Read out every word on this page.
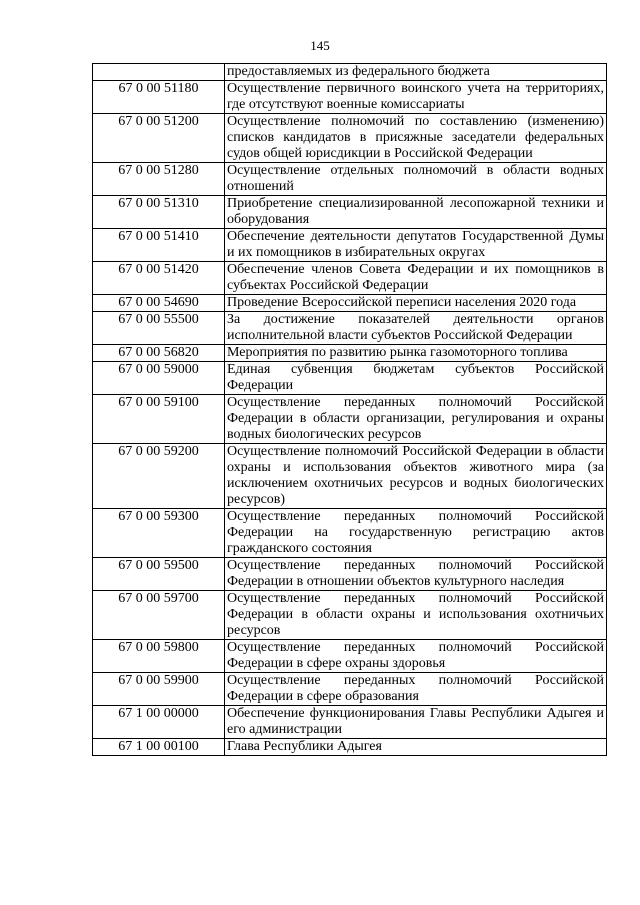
145
	предоставляемых из федерального бюджета
67 0 00 51180	Осуществление первичного воинского учета на территориях, где отсутствуют военные комиссариаты
67 0 00 51200	Осуществление полномочий по составлению (изменению) списков кандидатов в присяжные заседатели федеральных судов общей юрисдикции в Российской Федерации
67 0 00 51280	Осуществление отдельных полномочий в области водных отношений
67 0 00 51310	Приобретение специализированной лесопожарной техники и оборудования
67 0 00 51410	Обеспечение деятельности депутатов Государственной Думы и их помощников в избирательных округах
67 0 00 51420	Обеспечение членов Совета Федерации и их помощников в субъектах Российской Федерации
67 0 00 54690	Проведение Всероссийской переписи населения 2020 года
67 0 00 55500	За достижение показателей деятельности органов исполнительной власти субъектов Российской Федерации
67 0 00 56820	Мероприятия по развитию рынка газомоторного топлива
67 0 00 59000	Единая субвенция бюджетам субъектов Российской Федерации
67 0 00 59100	Осуществление переданных полномочий Российской Федерации в области организации, регулирования и охраны водных биологических ресурсов
67 0 00 59200	Осуществление полномочий Российской Федерации в области охраны и использования объектов животного мира (за исключением охотничьих ресурсов и водных биологических ресурсов)
67 0 00 59300	Осуществление переданных полномочий Российской Федерации на государственную регистрацию актов гражданского состояния
67 0 00 59500	Осуществление переданных полномочий Российской Федерации в отношении объектов культурного наследия
67 0 00 59700	Осуществление переданных полномочий Российской Федерации в области охраны и использования охотничьих ресурсов
67 0 00 59800	Осуществление переданных полномочий Российской Федерации в сфере охраны здоровья
67 0 00 59900	Осуществление переданных полномочий Российской Федерации в сфере образования
67 1 00 00000	Обеспечение функционирования Главы Республики Адыгея и его администрации
67 1 00 00100	Глава Республики Адыгея
